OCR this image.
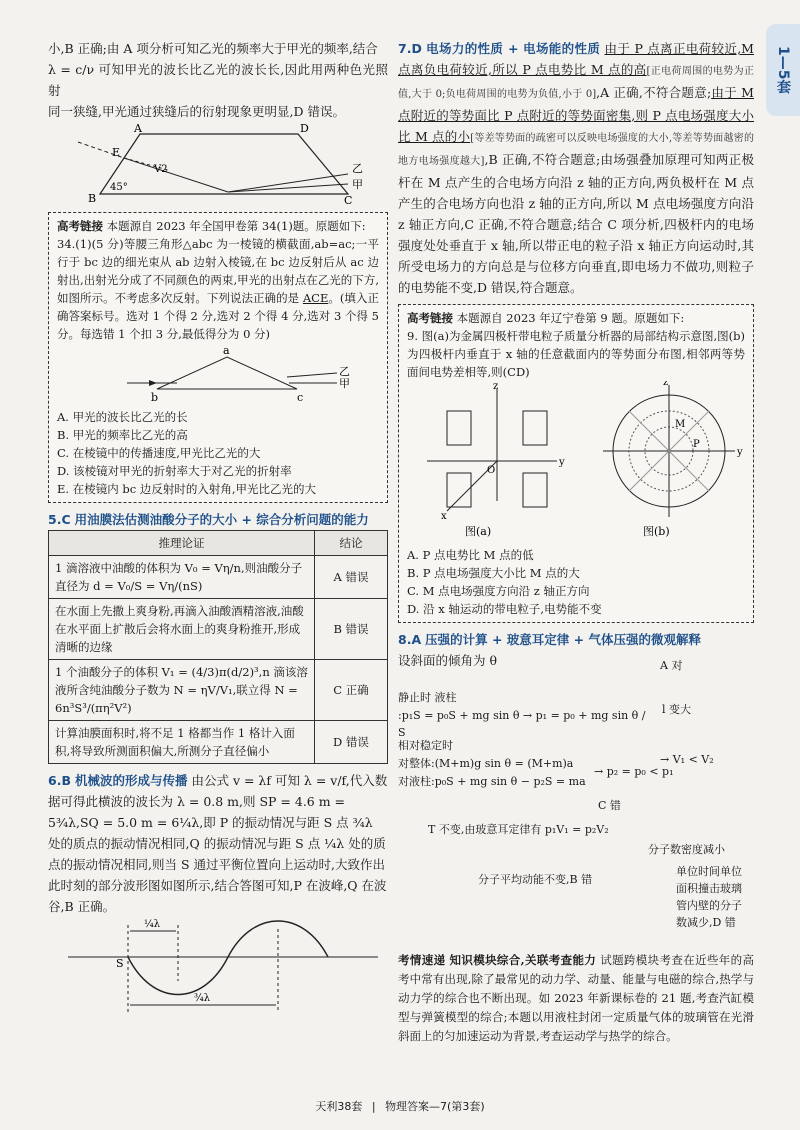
1—5套

小,B 正确;由 A 项分析可知乙光的频率大于甲光的频率,结合

λ = c/ν 可知甲光的波长比乙光的波长长,因此用两种色光照射

同一狭缝,甲光通过狭缝后的衍射现象更明显,D 错误。

A
E
D
B	C
45°
V2	乙
甲
高考链接 本题源自 2023 年全国甲卷第 34(1)题。原题如下:
34.(1)(5 分)等腰三角形△abc 为一棱镜的横截面,ab=ac;一平行于 bc 边的细光束从 ab 边射入棱镜,在 bc 边反射后从 ac 边射出,出射光分成了不同颜色的两束,甲光的出射点在乙光的下方,如图所示。不考虑多次反射。下列说法正确的是 ACE。(填入正确答案标号。选对 1 个得 2 分,选对 2 个得 4 分,选对 3 个得 5 分。每选错 1 个扣 3 分,最低得分为 0 分)
a
b	c
乙
甲

A. 甲光的波长比乙光的长

B. 甲光的频率比乙光的高

C. 在棱镜中的传播速度,甲光比乙光的大

D. 该棱镜对甲光的折射率大于对乙光的折射率

E. 在棱镜内 bc 边反射时的入射角,甲光比乙光的大

5.C 用油膜法估测油酸分子的大小 + 综合分析问题的能力
推理论证	结论
1 滴溶液中油酸的体积为 V₀ = Vη/n,则油酸分子直径为 d = V₀/S = Vη/(nS)	A 错误
在水面上先撒上爽身粉,再滴入油酸酒精溶液,油酸在水平面上扩散后会将水面上的爽身粉推开,形成清晰的边缘	B 错误
1 个油酸分子的体积 V₁ = (4/3)π(d/2)³,n 滴该溶液所含纯油酸分子数为 N = ηV/V₁,联立得 N = 6n³S³/(πη²V²)	C 正确
计算油膜面积时,将不足 1 格都当作 1 格计入面积,将导致所测面积偏大,所测分子直径偏小	D 错误
6.B 机械波的形成与传播 由公式 v = λf 可知 λ = v/f,代入数据可得此横波的波长为 λ = 0.8 m,则 SP = 4.6 m = 5¾λ,SQ = 5.0 m = 6¼λ,即 P 的振动情况与距 S 点 ¾λ 处的质点的振动情况相同,Q 的振动情况与距 S 点 ¼λ 处的质点的振动情况相同,则当 S 通过平衡位置向上运动时,大致作出此时刻的部分波形图如图所示,结合答图可知,P 在波峰,Q 在波谷,B 正确。
S
¼λ
¾λ
7.D 电场力的性质 + 电场能的性质 由于 P 点离正电荷较近,M 点离负电荷较近,所以 P 点电势比 M 点的高[正电荷周围的电势为正值,大于 0;负电荷周围的电势为负值,小于 0],A 正确,不符合题意;由于 M 点附近的等势面比 P 点附近的等势面密集,则 P 点电场强度大小比 M 点的小[等差等势面的疏密可以反映电场强度的大小,等差等势面越密的地方电场强度越大],B 正确,不符合题意;由场强叠加原理可知两正极杆在 M 点产生的合电场方向沿 z 轴的正方向,两负极杆在 M 点产生的合电场方向也沿 z 轴的正方向,所以 M 点电场强度方向沿 z 轴正方向,C 正确,不符合题意;结合 C 项分析,四极杆内的电场强度处处垂直于 x 轴,所以带正电的粒子沿 x 轴正方向运动时,其所受电场力的方向总是与位移方向垂直,即电场力不做功,则粒子的电势能不变,D 错误,符合题意。
高考链接 本题源自 2023 年辽宁卷第 9 题。原题如下:
9. 图(a)为金属四极杆带电粒子质量分析器的局部结构示意图,图(b)为四极杆内垂直于 x 轴的任意截面内的等势面分布图,相邻两等势面间电势差相等,则(CD)
z
y
x
O
图(a)
z
y
M
P
图(b)

A. P 点电势比 M 点的低

B. P 点电场强度大小比 M 点的大

C. M 点电场强度方向沿 z 轴正方向

D. 沿 x 轴运动的带电粒子,电势能不变

8.A 压强的计算 + 玻意耳定律 + 气体压强的微观解释
设斜面的倾角为 θ	A 对
l 变大
静止时 液柱
:p₁S = p₀S + mg sin θ → p₁ = p₀ + mg sin θ / S
相对稳定时
对整体:(M+m)g sin θ = (M+m)a
对液柱:p₀S + mg sin θ − p₂S = ma
→ p₂ = p₀ < p₁
→ V₁ < V₂
C 错
T 不变,由玻意耳定律有 p₁V₁ = p₂V₂
分子数密度减小
分子平均动能不变,B 错
单位时间单位面积撞击玻璃管内壁的分子数减少,D 错
考情速递 知识模块综合,关联考查能力 试题跨模块考查在近些年的高考中常有出现,除了最常见的动力学、动量、能量与电磁的综合,热学与动力学的综合也不断出现。如 2023 年新课标卷的 21 题,考查汽缸模型与弹簧模型的综合;本题以用液柱封闭一定质量气体的玻璃管在光滑斜面上的匀加速运动为背景,考查运动学与热学的综合。
天利38套 | 物理答案—7(第3套)
